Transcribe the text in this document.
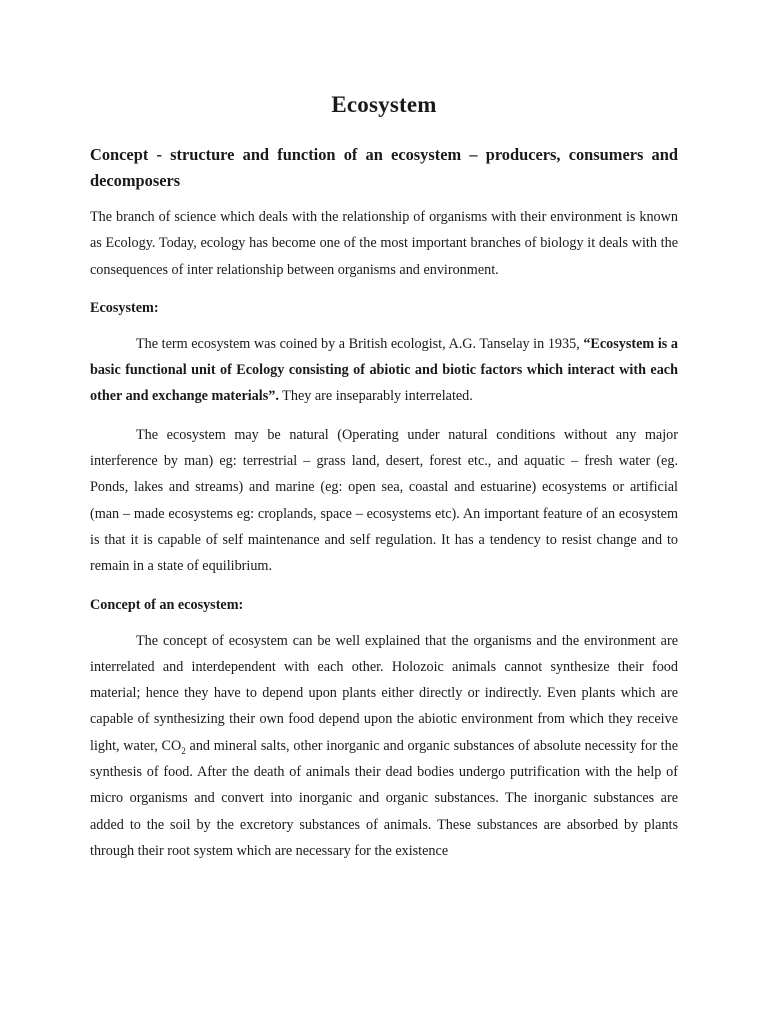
Ecosystem
Concept - structure and function of an ecosystem – producers, consumers and decomposers

The branch of science which deals with the relationship of organisms with their environment is known as Ecology. Today, ecology has become one of the most important branches of biology it deals with the consequences of inter relationship between organisms and environment.

Ecosystem:

The term ecosystem was coined by a British ecologist, A.G. Tanselay in 1935, “Ecosystem is a basic functional unit of Ecology consisting of abiotic and biotic factors which interact with each other and exchange materials”. They are inseparably interrelated.

The ecosystem may be natural (Operating under natural conditions without any major interference by man) eg: terrestrial – grass land, desert, forest etc., and aquatic – fresh water (eg. Ponds, lakes and streams) and marine (eg: open sea, coastal and estuarine) ecosystems or artificial (man – made ecosystems eg: croplands, space – ecosystems etc). An important feature of an ecosystem is that it is capable of self maintenance and self regulation. It has a tendency to resist change and to remain in a state of equilibrium.

Concept of an ecosystem:

The concept of ecosystem can be well explained that the organisms and the environment are interrelated and interdependent with each other. Holozoic animals cannot synthesize their food material; hence they have to depend upon plants either directly or indirectly. Even plants which are capable of synthesizing their own food depend upon the abiotic environment from which they receive light, water, $CO_2$ and mineral salts, other inorganic and organic substances of absolute necessity for the synthesis of food. After the death of animals their dead bodies undergo putrification with the help of micro organisms and convert into inorganic and organic substances. The inorganic substances are added to the soil by the excretory substances of animals. These substances are absorbed by plants through their root system which are necessary for the existence
